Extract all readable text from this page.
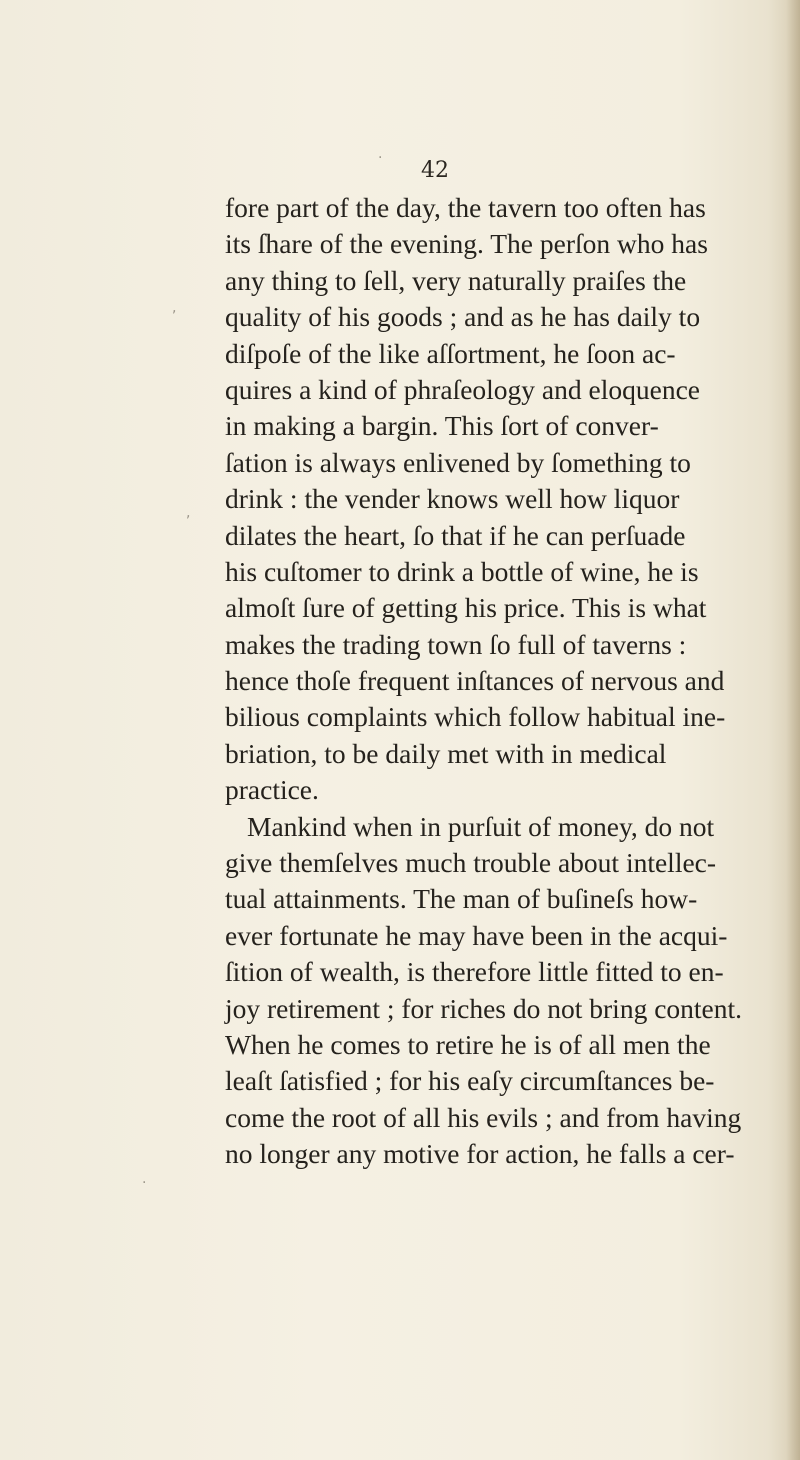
·
,
,
·
42
fore part of the day, the tavern too often has
its ſhare of the evening. The perſon who has
any thing to ſell, very naturally praiſes the
quality of his goods ; and as he has daily to
diſpoſe of the like aſſortment, he ſoon ac-
quires a kind of phraſeology and eloquence
in making a bargin. This ſort of conver-
ſation is always enlivened by ſomething to
drink : the vender knows well how liquor
dilates the heart, ſo that if he can perſuade
his cuſtomer to drink a bottle of wine, he is
almoſt ſure of getting his price. This is what
makes the trading town ſo full of taverns :
hence thoſe frequent inſtances of nervous and
bilious complaints which follow habitual ine-
briation, to be daily met with in medical
practice.
Mankind when in purſuit of money, do not
give themſelves much trouble about intellec-
tual attainments. The man of buſineſs how-
ever fortunate he may have been in the acqui-
ſition of wealth, is therefore little fitted to en-
joy retirement ; for riches do not bring content.
When he comes to retire he is of all men the
leaſt ſatisfied ; for his eaſy circumſtances be-
come the root of all his evils ; and from having
no longer any motive for action, he falls a cer-
